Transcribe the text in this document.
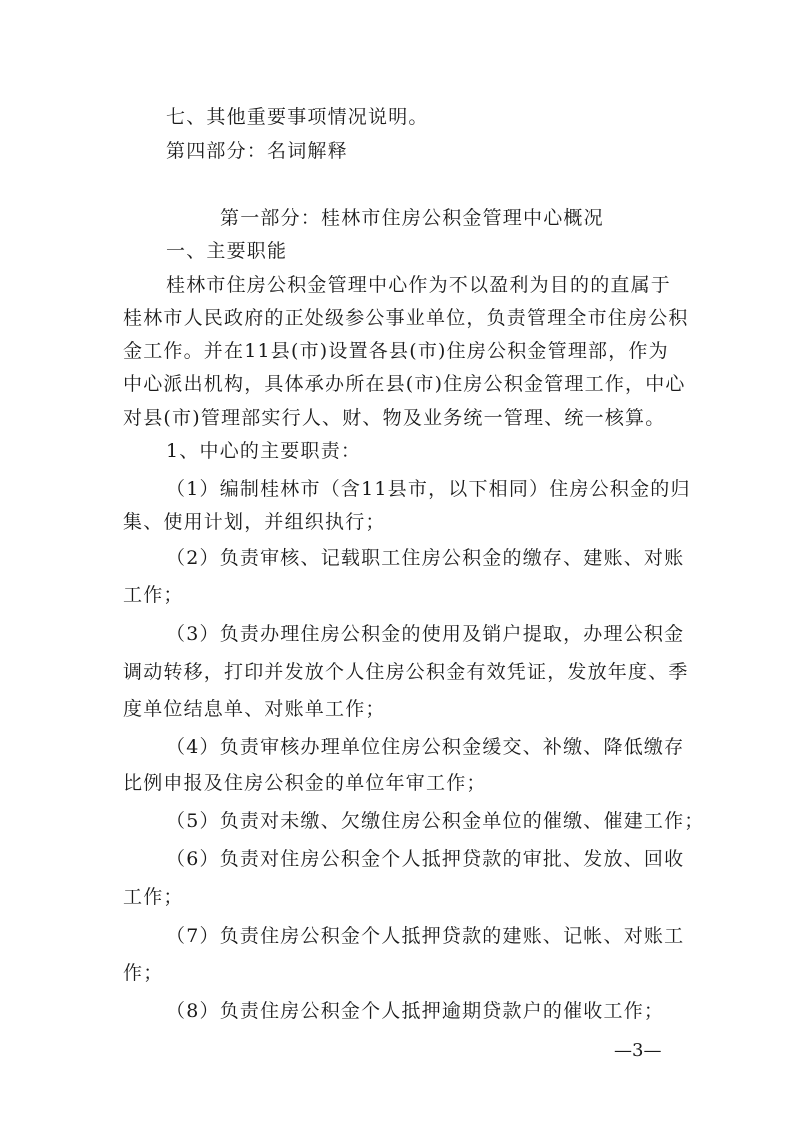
七、其他重要事项情况说明。
第四部分：名词解释
第一部分：桂林市住房公积金管理中心概况
一、主要职能
桂林市住房公积金管理中心作为不以盈利为目的的直属于
桂林市人民政府的正处级参公事业单位，负责管理全市住房公积
金工作。并在11县(市)设置各县(市)住房公积金管理部，作为
中心派出机构，具体承办所在县(市)住房公积金管理工作，中心
对县(市)管理部实行人、财、物及业务统一管理、统一核算。
1、中心的主要职责：
（1）编制桂林市（含11县市，以下相同）住房公积金的归
集、使用计划，并组织执行；
（2）负责审核、记载职工住房公积金的缴存、建账、对账
工作；
（3）负责办理住房公积金的使用及销户提取，办理公积金
调动转移，打印并发放个人住房公积金有效凭证，发放年度、季
度单位结息单、对账单工作；
（4）负责审核办理单位住房公积金缓交、补缴、降低缴存
比例申报及住房公积金的单位年审工作；
（5）负责对未缴、欠缴住房公积金单位的催缴、催建工作；
（6）负责对住房公积金个人抵押贷款的审批、发放、回收
工作；
（7）负责住房公积金个人抵押贷款的建账、记帐、对账工
作；
（8）负责住房公积金个人抵押逾期贷款户的催收工作；
—3—
